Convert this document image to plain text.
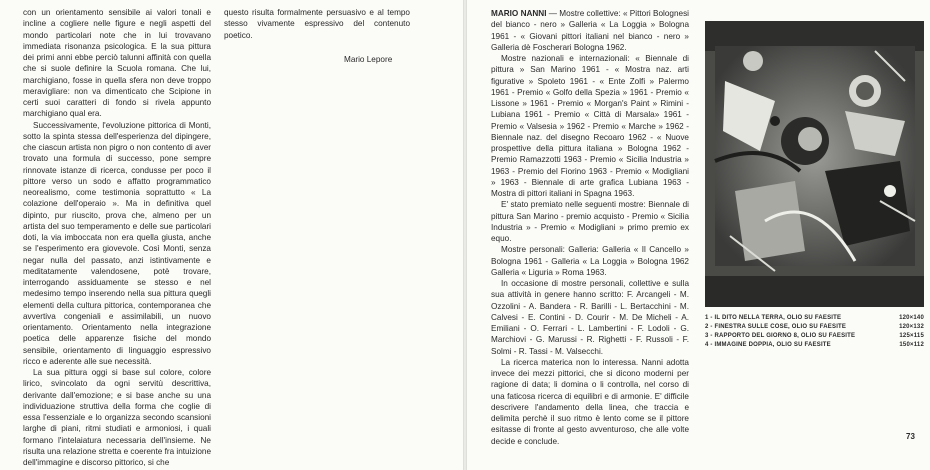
con un orientamento sensibile ai valori tonali e incline a cogliere nelle figure e negli aspetti del mondo particolari note che in lui trovavano immediata risonanza psicologica. E la sua pittura dei primi anni ebbe perciò talunni affinità con quella che si suole definire la Scuola romana. Che lui, marchigiano, fosse in quella sfera non deve troppo meravigliare: non va dimenticato che Scipione in certi suoi caratteri di fondo si rivela appunto marchigiano qual era.

Successivamente, l'evoluzione pittorica di Monti, sotto la spinta stessa dell'esperienza del dipingere, che ciascun artista non pigro o non contento di aver trovato una formula di successo, pone sempre rinnovate istanze di ricerca, condusse per poco il pittore verso un sodo e affatto programmatico neorealismo, come testimonia soprattutto « La colazione dell'operaio ». Ma in definitiva quel dipinto, pur riuscito, prova che, almeno per un artista del suo temperamento e delle sue particolari doti, la via imboccata non era quella giusta, anche se l'esperimento era giovevole. Così Monti, senza negar nulla del passato, anzi istintivamente e meditatamente valendosene, potè trovare, interrogando assiduamente se stesso e nel medesimo tempo inserendo nella sua pittura quegli elementi della cultura pittorica, contemporanea che avvertiva congeniali e assimilabili, un nuovo orientamento. Orientamento nella integrazione poetica delle apparenze fisiche del mondo sensibile, orientamento di linguaggio espressivo ricco e aderente alle sue necessità.

La sua pittura oggi si base sul colore, colore lirico, svincolato da ogni servitù descrittiva, derivante dall'emozione; e si base anche su una individuazione struttiva della forma che coglie di essa l'essenziale e lo organizza secondo scansioni larghe di piani, ritmi studiati e armoniosi, i quali formano l'intelaiatura necessaria dell'insieme. Ne risulta una relazione stretta e coerente fra intuizione dell'immagine e discorso pittorico, si che

questo risulta formalmente persuasivo e al tempo stesso vivamente espressivo del contenuto poetico.

Mario Lepore

MARIO NANNI — Mostre collettive: « Pittori Bolognesi del bianco - nero » Galleria « La Loggia » Bologna 1961 - « Giovani pittori italiani nel bianco - nero » Galleria dè Foscherari Bologna 1962.

Mostre nazionali e internazionali: « Biennale di pittura » San Marino 1961 - « Mostra naz. arti figurative » Spoleto 1961 - « Ente Zolfi » Palermo 1961 - Premio « Golfo della Spezia » 1961 - Premio « Lissone » 1961 - Premio « Morgan's Paint » Rimini - Lubiana 1961 - Premio « Città di Marsala» 1961 - Premio « Valsesia » 1962 - Premio « Marche » 1962 - Biennale naz. del disegno Recoaro 1962 - « Nuove prospettive della pittura italiana » Bologna 1962 - Premio Ramazzotti 1963 - Premio « Sicilia Industria » 1963 - Premio del Fiorino 1963 - Premio « Modigliani » 1963 - Biennale di arte grafica Lubiana 1963 - Mostra di pittori italiani in Spagna 1963.

E' stato premiato nelle seguenti mostre: Biennale di pittura San Marino - premio acquisto - Premio « Sicilia Industria » - Premio « Modigliani » primo premio ex equo.

Mostre personali: Galleria: Galleria « Il Cancello » Bologna 1961 - Galleria « La Loggia » Bologna 1962 Galleria « Liguria » Roma 1963.

In occasione di mostre personali, collettive e sulla sua attività in genere hanno scritto: F. Arcangeli - M. Ozzolini - A. Bandera - R. Barilli - L. Bertacchini - M. Calvesi - E. Contini - D. Courir - M. De Micheli - A. Emiliani - O. Ferrari - L. Lambertini - F. Lodoli - G. Marchiovi - G. Marussi - R. Righetti - F. Russoli - F. Solmi - R. Tassi - M. Valsecchi.

La ricerca materica non lo interessa. Nanni adotta invece dei mezzi pittorici, che si dicono moderni per ragione di data; li domina o li controlla, nel corso di una faticosa ricerca di equilibri e di armonie. E' difficile descrivere l'andamento della linea, che traccia e delimita perchè il suo ritmo è lento come se il pittore esitasse di fronte al gesto avventuroso, che alle volte decide e conclude.

1 - IL DITO NELLA TERRA, OLIO SU FAESITE	120×140
2 - FINESTRA SULLE COSE, OLIO SU FAESITE	120×132
3 - RAPPORTO DEL GIORNO 8, OLIO SU FAESITE	125×115
4 - IMMAGINE DOPPIA, OLIO SU FAESITE	150×112
73
